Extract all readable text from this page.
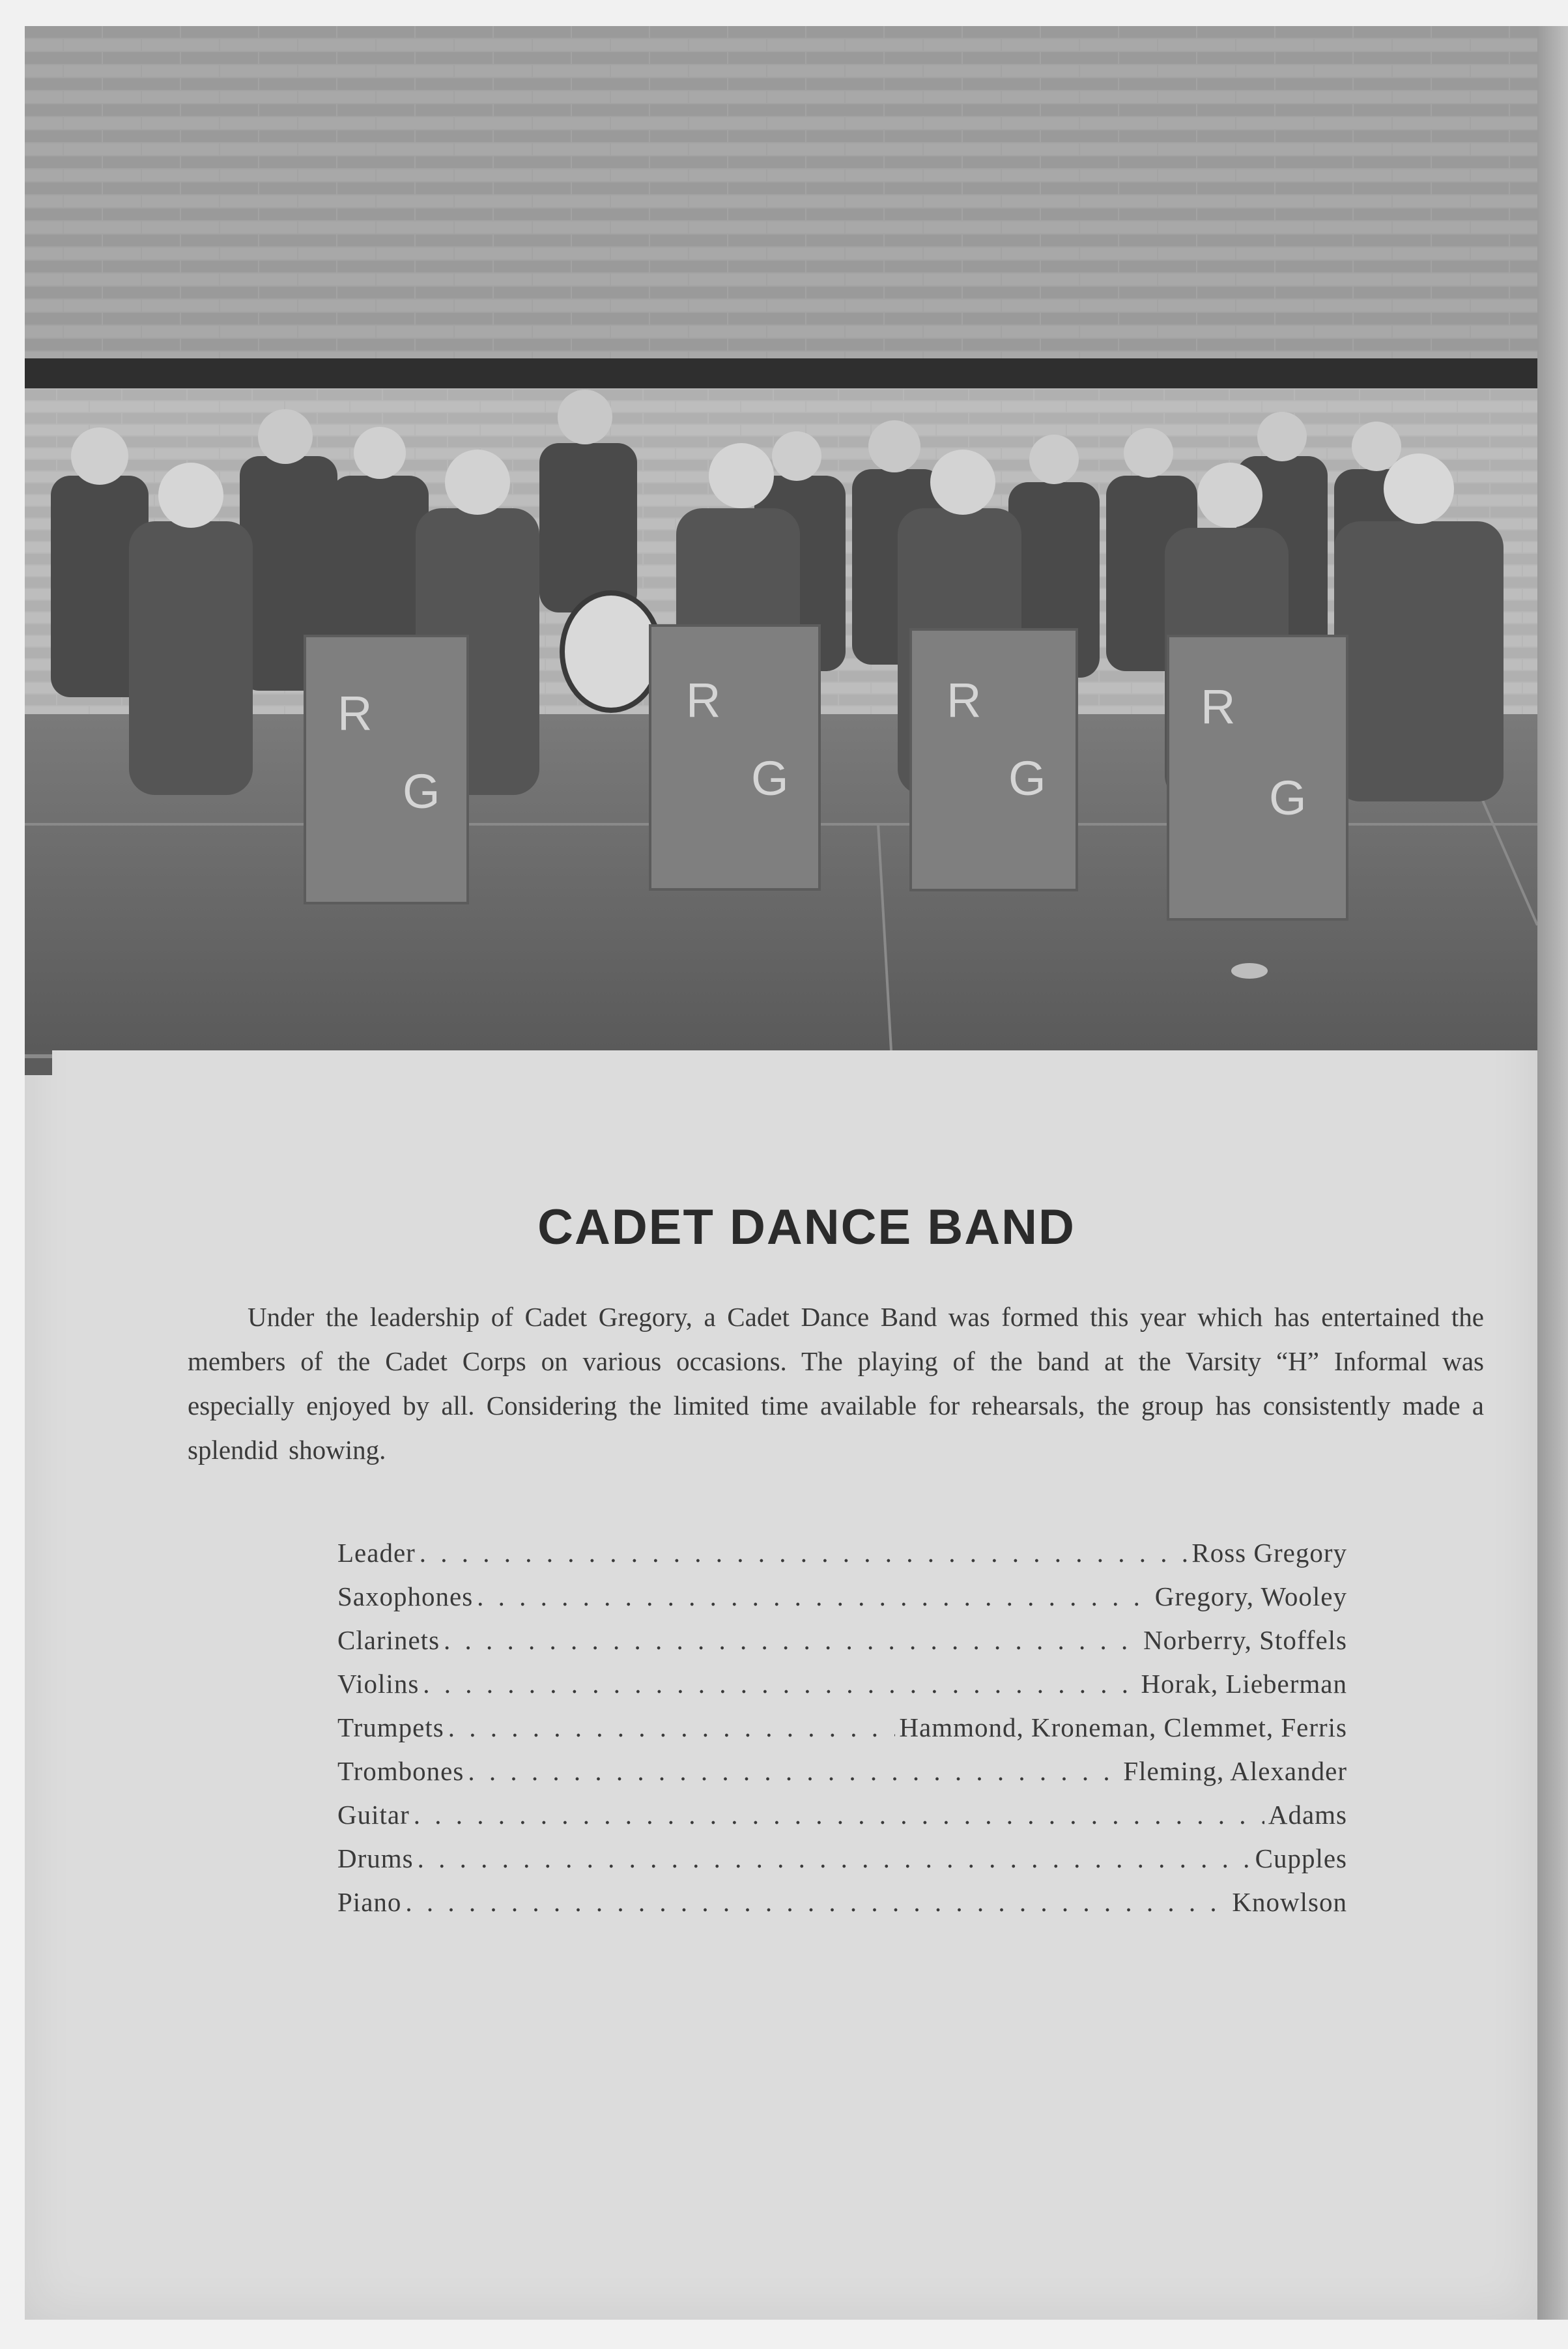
R
G
R
G
R
G
R
G
CADET DANCE BAND

Under the leadership of Cadet Gregory, a Cadet Dance Band was formed this year which has entertained the members of the Cadet Corps on various occasions. The playing of the band at the Varsity “H” Informal was especially enjoyed by all. Considering the limited time available for rehearsals, the group has consistently made a splendid showing.

Leader . . .	Ross Gregory
Saxophones . . .	Gregory, Wooley
Clarinets . . .	Norberry, Stoffels
Violins . . .	Horak, Lieberman
Trumpets . . .	Hammond, Kroneman, Clemmet, Ferris
Trombones . . .	Fleming, Alexander
Guitar . . .	Adams
Drums . . .	Cupples
Piano . . .	Knowlson
